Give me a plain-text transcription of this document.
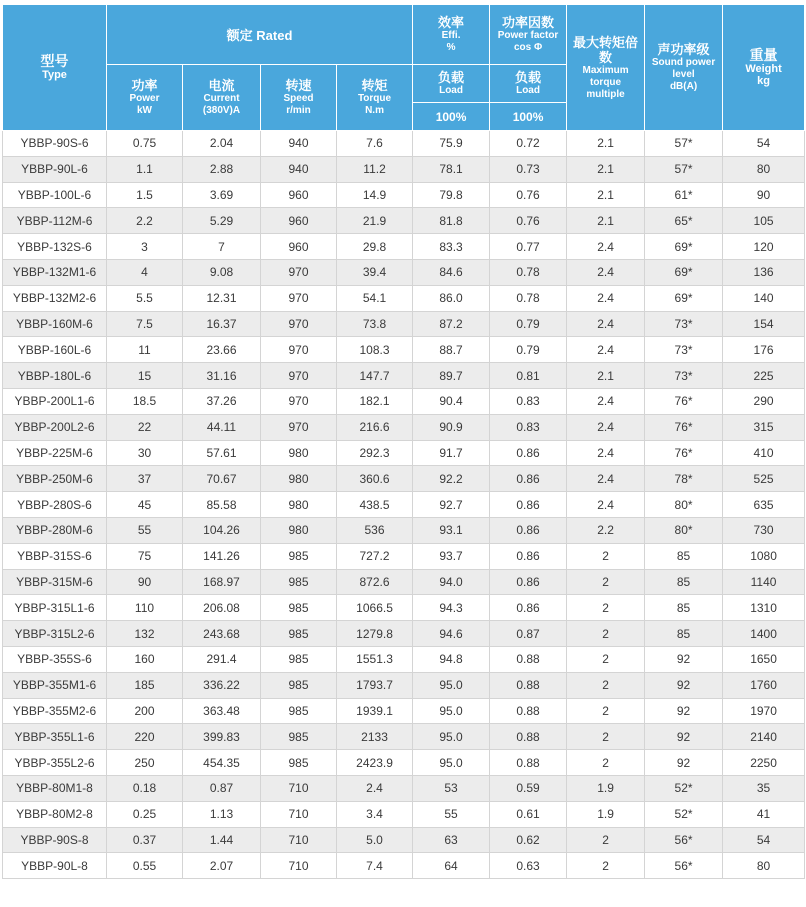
型号
Type	额定 Rated				效率
Effi.
%	功率因数
Power factor
cos Φ	最大转矩倍数
Maximum
torque
multiple	声功率级
Sound power
level
dB(A)	重量
Weight
kg

	功率
Power
kW	电流
Current
(380V)A	转速
Speed
r/min	转矩
Torque
N.m	负载
Load	负载
Load			

					100%	100%			
YBBP-90S-6	0.75	2.04	940	7.6	75.9	0.72	2.1	57*	54
YBBP-90L-6	1.1	2.88	940	11.2	78.1	0.73	2.1	57*	80
YBBP-100L-6	1.5	3.69	960	14.9	79.8	0.76	2.1	61*	90
YBBP-112M-6	2.2	5.29	960	21.9	81.8	0.76	2.1	65*	105
YBBP-132S-6	3	7	960	29.8	83.3	0.77	2.4	69*	120
YBBP-132M1-6	4	9.08	970	39.4	84.6	0.78	2.4	69*	136
YBBP-132M2-6	5.5	12.31	970	54.1	86.0	0.78	2.4	69*	140
YBBP-160M-6	7.5	16.37	970	73.8	87.2	0.79	2.4	73*	154
YBBP-160L-6	11	23.66	970	108.3	88.7	0.79	2.4	73*	176
YBBP-180L-6	15	31.16	970	147.7	89.7	0.81	2.1	73*	225
YBBP-200L1-6	18.5	37.26	970	182.1	90.4	0.83	2.4	76*	290
YBBP-200L2-6	22	44.11	970	216.6	90.9	0.83	2.4	76*	315
YBBP-225M-6	30	57.61	980	292.3	91.7	0.86	2.4	76*	410
YBBP-250M-6	37	70.67	980	360.6	92.2	0.86	2.4	78*	525
YBBP-280S-6	45	85.58	980	438.5	92.7	0.86	2.4	80*	635
YBBP-280M-6	55	104.26	980	536	93.1	0.86	2.2	80*	730
YBBP-315S-6	75	141.26	985	727.2	93.7	0.86	2	85	1080
YBBP-315M-6	90	168.97	985	872.6	94.0	0.86	2	85	1140
YBBP-315L1-6	110	206.08	985	1066.5	94.3	0.86	2	85	1310
YBBP-315L2-6	132	243.68	985	1279.8	94.6	0.87	2	85	1400
YBBP-355S-6	160	291.4	985	1551.3	94.8	0.88	2	92	1650
YBBP-355M1-6	185	336.22	985	1793.7	95.0	0.88	2	92	1760
YBBP-355M2-6	200	363.48	985	1939.1	95.0	0.88	2	92	1970
YBBP-355L1-6	220	399.83	985	2133	95.0	0.88	2	92	2140
YBBP-355L2-6	250	454.35	985	2423.9	95.0	0.88	2	92	2250
YBBP-80M1-8	0.18	0.87	710	2.4	53	0.59	1.9	52*	35
YBBP-80M2-8	0.25	1.13	710	3.4	55	0.61	1.9	52*	41
YBBP-90S-8	0.37	1.44	710	5.0	63	0.62	2	56*	54
YBBP-90L-8	0.55	2.07	710	7.4	64	0.63	2	56*	80
